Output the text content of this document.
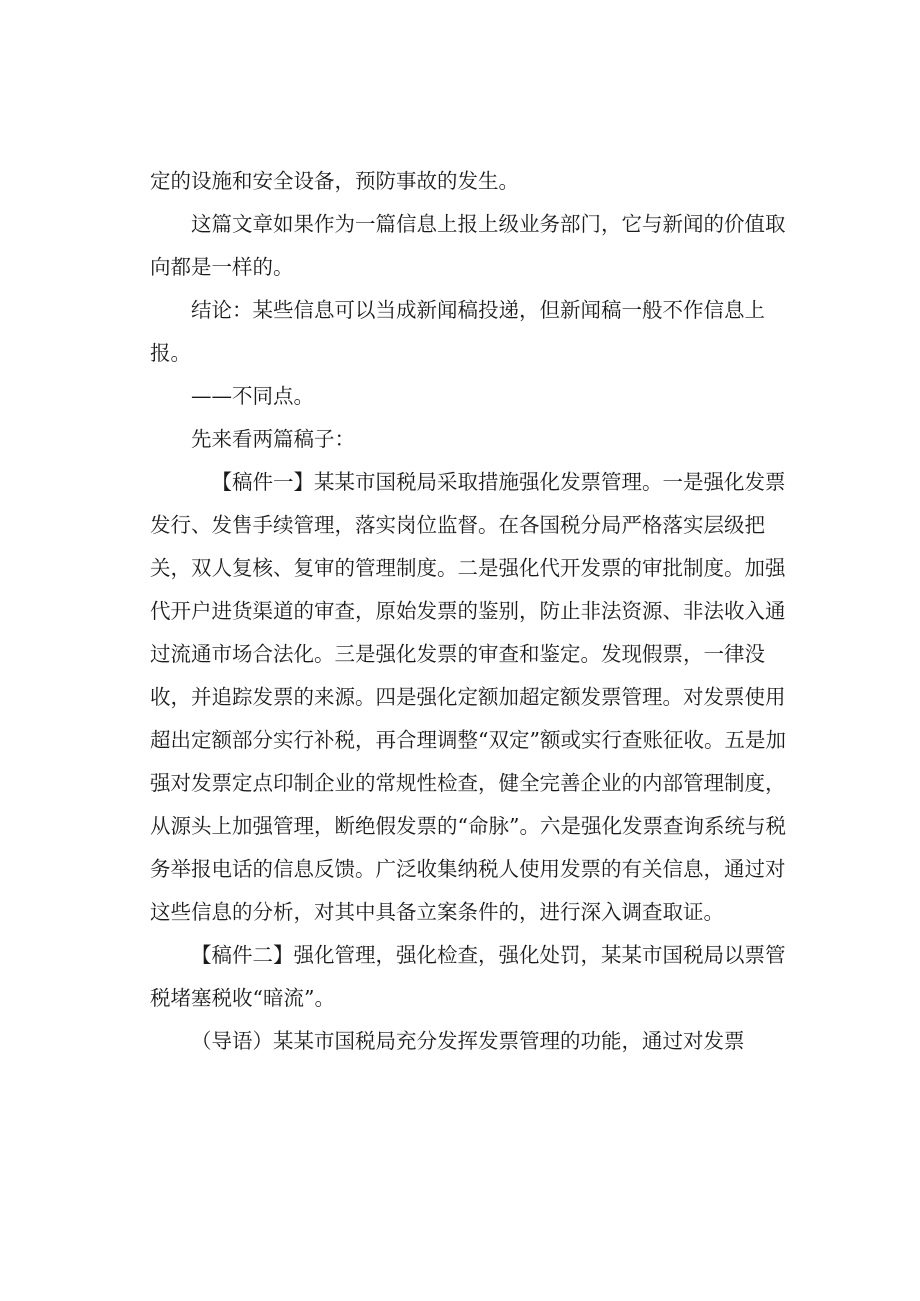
定的设施和安全设备，预防事故的发生。

这篇文章如果作为一篇信息上报上级业务部门，它与新闻的价值取向都是一样的。

结论：某些信息可以当成新闻稿投递，但新闻稿一般不作信息上报。

——不同点。

先来看两篇稿子：

【稿件一】某某市国税局采取措施强化发票管理。一是强化发票发行、发售手续管理，落实岗位监督。在各国税分局严格落实层级把关，双人复核、复审的管理制度。二是强化代开发票的审批制度。加强代开户进货渠道的审查，原始发票的鉴别，防止非法资源、非法收入通过流通市场合法化。三是强化发票的审查和鉴定。发现假票，一律没收，并追踪发票的来源。四是强化定额加超定额发票管理。对发票使用超出定额部分实行补税，再合理调整“双定”额或实行查账征收。五是加强对发票定点印制企业的常规性检查，健全完善企业的内部管理制度，从源头上加强管理，断绝假发票的“命脉”。六是强化发票查询系统与税务举报电话的信息反馈。广泛收集纳税人使用发票的有关信息，通过对这些信息的分析，对其中具备立案条件的，进行深入调查取证。

【稿件二】强化管理，强化检查，强化处罚，某某市国税局以票管税堵塞税收“暗流”。

（导语）某某市国税局充分发挥发票管理的功能，通过对发票
